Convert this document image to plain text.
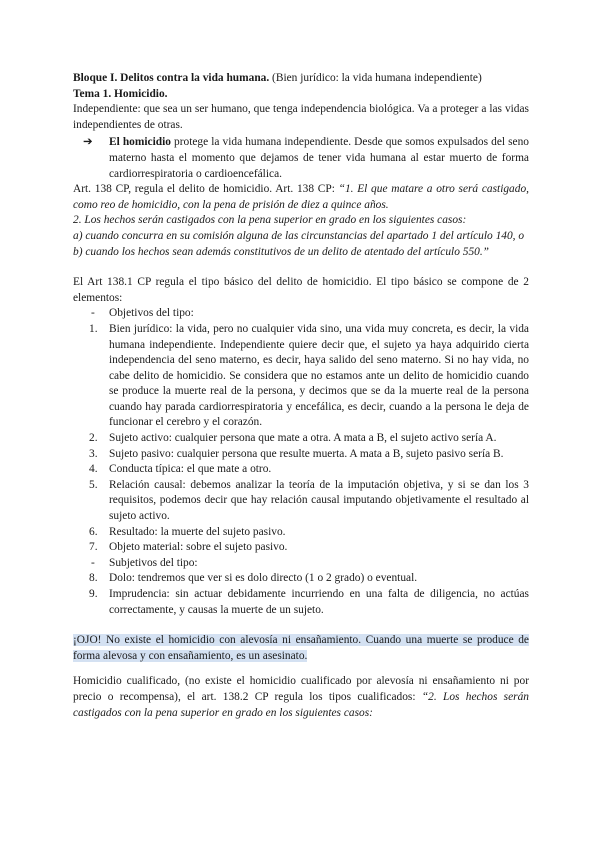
Bloque I. Delitos contra la vida humana. (Bien jurídico: la vida humana independiente)

Tema 1. Homicidio.

Independiente: que sea un ser humano, que tenga independencia biológica. Va a proteger a las vidas independientes de otras.

➔ El homicidio protege la vida humana independiente. Desde que somos expulsados del seno materno hasta el momento que dejamos de tener vida humana al estar muerto de forma cardiorrespiratoria o cardioencefálica.

Art. 138 CP, regula el delito de homicidio. Art. 138 CP: “1. El que matare a otro será castigado, como reo de homicidio, con la pena de prisión de diez a quince años.

2. Los hechos serán castigados con la pena superior en grado en los siguientes casos:

a) cuando concurra en su comisión alguna de las circunstancias del apartado 1 del artículo 140, o

b) cuando los hechos sean además constitutivos de un delito de atentado del artículo 550.”

El Art 138.1 CP regula el tipo básico del delito de homicidio. El tipo básico se compone de 2 elementos:

- Objetivos del tipo:
1. Bien jurídico: la vida, pero no cualquier vida sino, una vida muy concreta, es decir, la vida humana independiente. Independiente quiere decir que, el sujeto ya haya adquirido cierta independencia del seno materno, es decir, haya salido del seno materno. Si no hay vida, no cabe delito de homicidio. Se considera que no estamos ante un delito de homicidio cuando se produce la muerte real de la persona, y decimos que se da la muerte real de la persona cuando hay parada cardiorrespiratoria y encefálica, es decir, cuando a la persona le deja de funcionar el cerebro y el corazón.
2. Sujeto activo: cualquier persona que mate a otra. A mata a B, el sujeto activo sería A.
3. Sujeto pasivo: cualquier persona que resulte muerta. A mata a B, sujeto pasivo sería B.
4. Conducta típica: el que mate a otro.
5. Relación causal: debemos analizar la teoría de la imputación objetiva, y si se dan los 3 requisitos, podemos decir que hay relación causal imputando objetivamente el resultado al sujeto activo.
6. Resultado: la muerte del sujeto pasivo.
7. Objeto material: sobre el sujeto pasivo.
- Subjetivos del tipo:
8. Dolo: tendremos que ver si es dolo directo (1 o 2 grado) o eventual.
9. Imprudencia: sin actuar debidamente incurriendo en una falta de diligencia, no actúas correctamente, y causas la muerte de un sujeto.

¡OJO! No existe el homicidio con alevosía ni ensañamiento. Cuando una muerte se produce de forma alevosa y con ensañamiento, es un asesinato.

Homicidio cualificado, (no existe el homicidio cualificado por alevosía ni ensañamiento ni por precio o recompensa), el art. 138.2 CP regula los tipos cualificados: “2. Los hechos serán castigados con la pena superior en grado en los siguientes casos:
